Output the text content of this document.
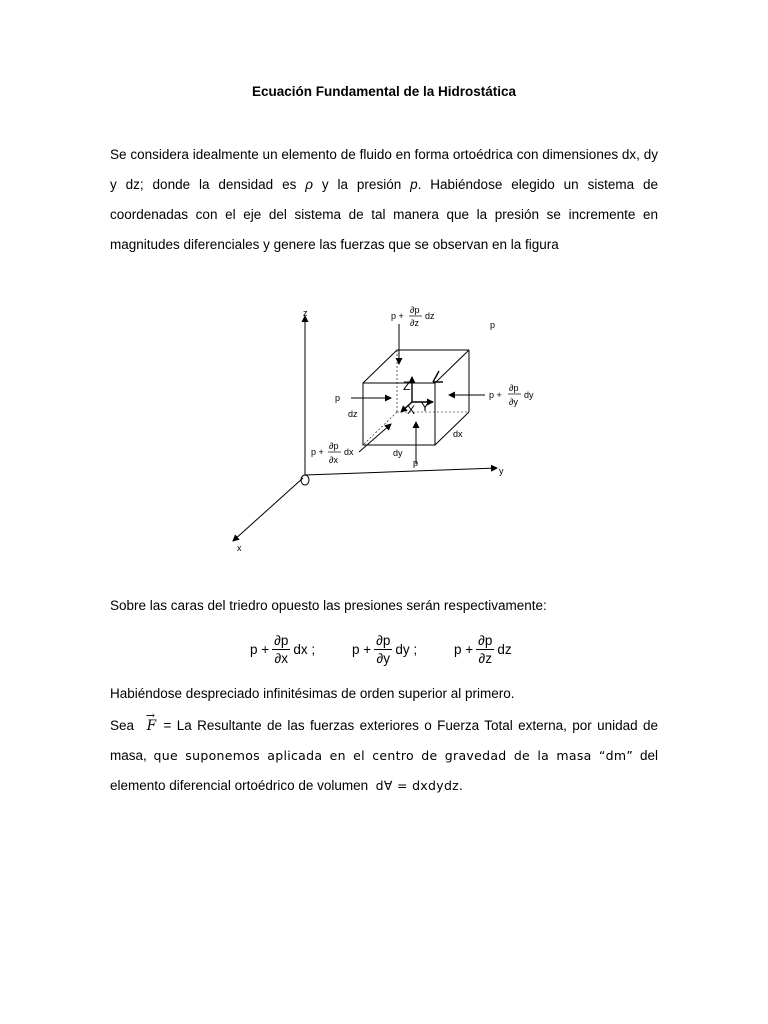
Ecuación Fundamental de la Hidrostática
Se considera idealmente un elemento de fluido en forma ortoédrica con dimensiones dx, dy y dz; donde la densidad es ρ y la presión p. Habiéndose elegido un sistema de coordenadas con el eje del sistema de tal manera que la presión se incremente en magnitudes diferenciales y genere las fuerzas que se observan en la figura
z
y
x
Z
Y
X
p +
∂p
∂z
dz
p
p
dz
p +
∂p
∂y
dy
p +
∂p
∂x
dx
dx
dy
p
Sobre las caras del triedro opuesto las presiones serán respectivamente:
$p + \frac{\partial p}{\partial x}$ dx ;	$p + \frac{\partial p}{\partial y}$ dy ;	$p + \frac{\partial p}{\partial z}$ dz
Habiéndose despreciado infinitésimas de orden superior al primero.
Sea
→
F = La Resultante de las fuerzas exteriores o Fuerza Total externa, por unidad de masa, que suponemos aplicada en el centro de gravedad de la masa “dm” del elemento diferencial ortoédrico de volumen  d∀ = dxdydz.
